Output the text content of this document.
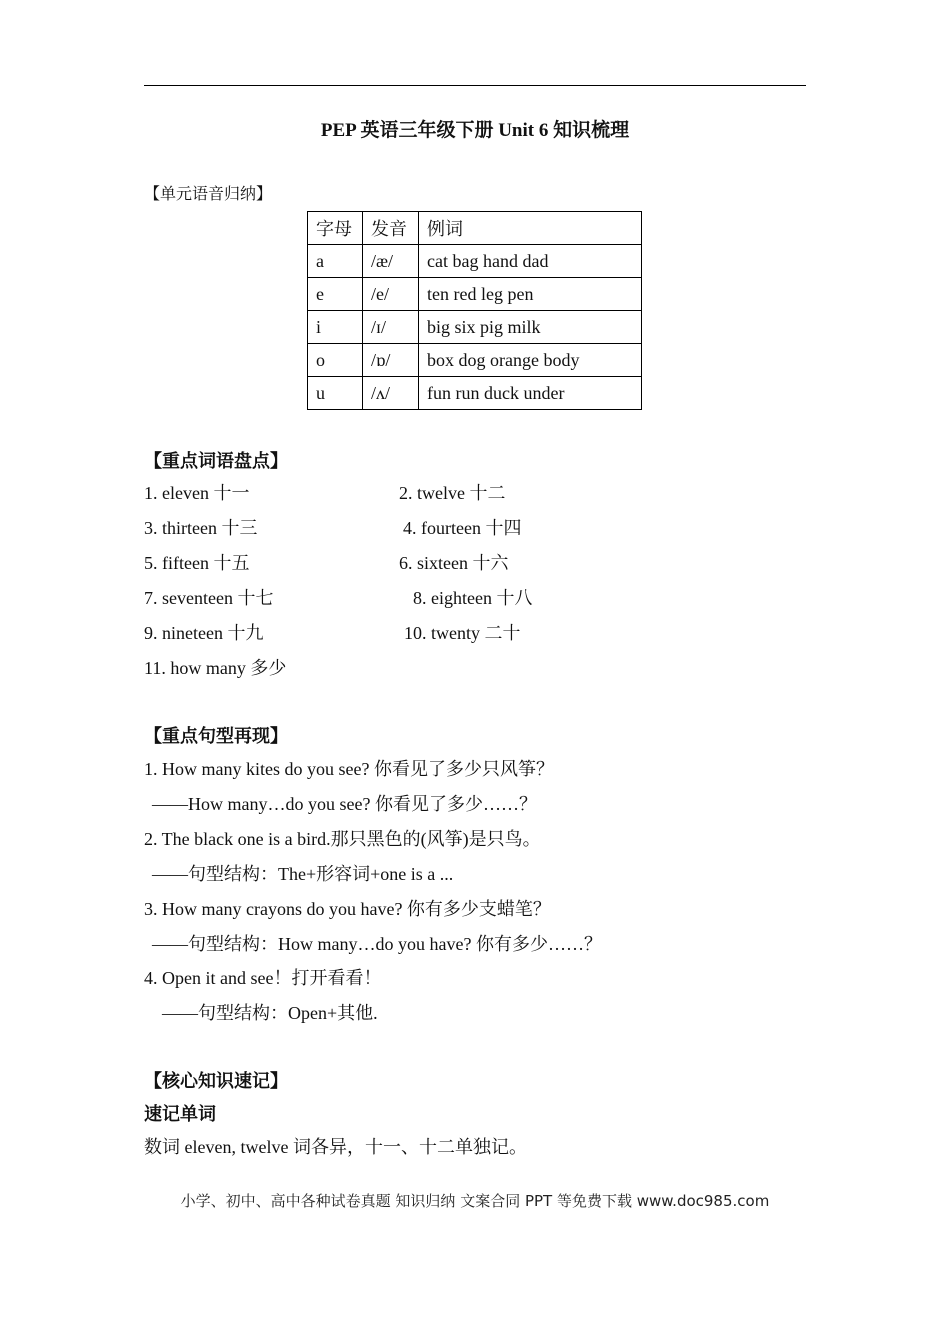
PEP 英语三年级下册 Unit 6 知识梳理
【单元语音归纳】
字母	发音	例词
a	/æ/	cat bag hand dad
e	/e/	ten red leg pen
i	/ɪ/	big six pig milk
o	/ɒ/	box dog orange body
u	/ʌ/	fun run duck under
【重点词语盘点】
1. eleven 十一	2. twelve 十二
3. thirteen 十三	4. fourteen 十四
5. fifteen 十五	6. sixteen 十六
7. seventeen 十七	8. eighteen 十八
9. nineteen 十九	10. twenty 二十
11. how many 多少
【重点句型再现】
1. How many kites do you see? 你看见了多少只风筝？
——How many…do you see? 你看见了多少……？
2. The black one is a bird.那只黑色的(风筝)是只鸟。
——句型结构：The+形容词+one is a ...
3. How many crayons do you have? 你有多少支蜡笔？
——句型结构：How many…do you have? 你有多少……？
4. Open it and see！打开看看！
——句型结构：Open+其他.
【核心知识速记】
速记单词
数词 eleven, twelve 词各异，十一、十二单独记。
小学、初中、高中各种试卷真题 知识归纳 文案合同 PPT 等免费下载 www.doc985.com
